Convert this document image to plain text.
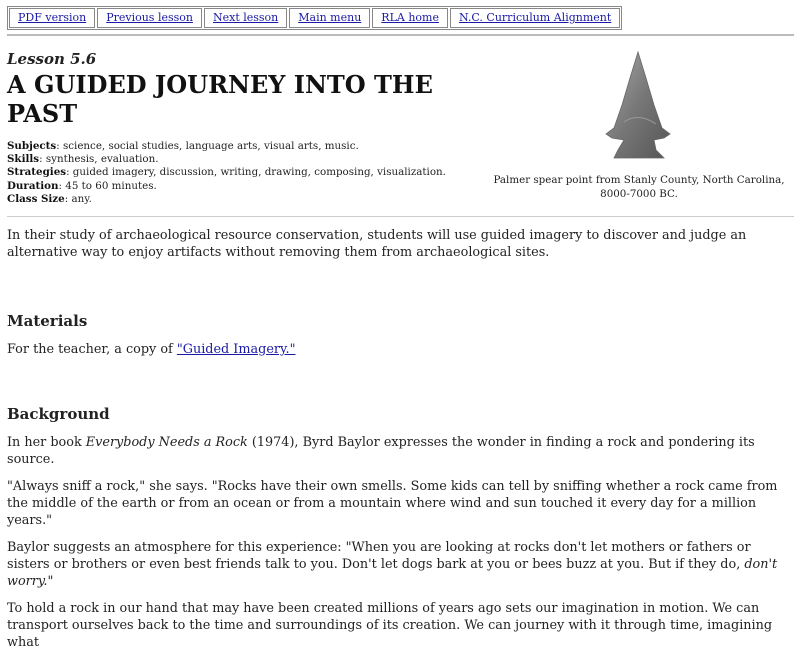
PDF version	Previous lesson	Next lesson	Main menu	RLA home	N.C. Curriculum Alignment
Lesson 5.6
A GUIDED JOURNEY INTO THE PAST
Subjects: science, social studies, language arts, visual arts, music.
Skills: synthesis, evaluation.
Strategies: guided imagery, discussion, writing, drawing, composing, visualization.
Duration: 45 to 60 minutes.
Class Size: any.
Palmer spear point from Stanly County, North Carolina, 8000-7000 BC.
In their study of archaeological resource conservation, students will use guided imagery to discover and judge an alternative way to enjoy artifacts without removing them from archaeological sites.
Materials
For the teacher, a copy of "Guided Imagery."
Background
In her book Everybody Needs a Rock (1974), Byrd Baylor expresses the wonder in finding a rock and pondering its source.
"Always sniff a rock," she says. "Rocks have their own smells. Some kids can tell by sniffing whether a rock came from the middle of the earth or from an ocean or from a mountain where wind and sun touched it every day for a million years."
Baylor suggests an atmosphere for this experience: "When you are looking at rocks don't let mothers or fathers or sisters or brothers or even best friends talk to you. Don't let dogs bark at you or bees buzz at you. But if they do, don't worry."
To hold a rock in our hand that may have been created millions of years ago sets our imagination in motion. We can transport ourselves back to the time and surroundings of its creation. We can journey with it through time, imagining what
